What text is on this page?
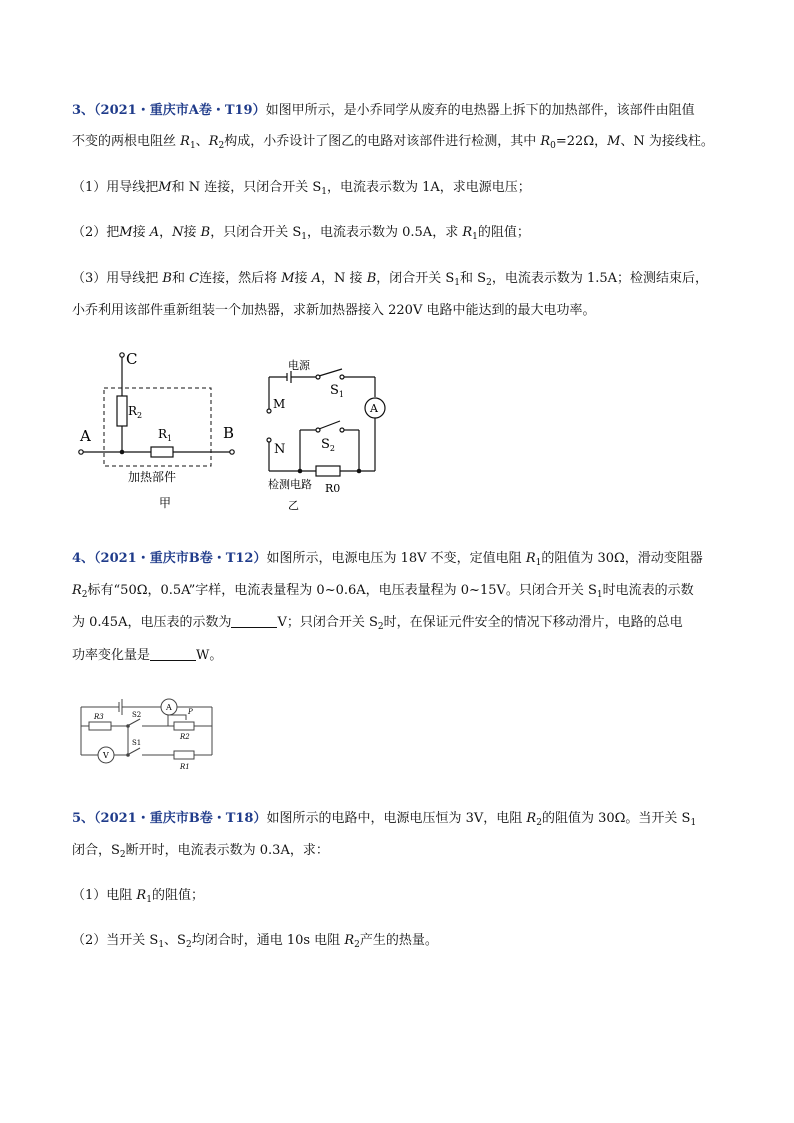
3、（2021・重庆市A卷・T19）如图甲所示，是小乔同学从废弃的电热器上拆下的加热部件，该部件由阻值
不变的两根电阻丝 $R_1$、$R_2$构成，小乔设计了图乙的电路对该部件进行检测，其中 $R_0=22\Omega$，M、N 为接线柱。
（1）用导线把M和 N 连接，只闭合开关 $S_1$，电流表示数为 1A，求电源电压；
（2）把M接 A，N接 B，只闭合开关 $S_1$，电流表示数为 0.5A，求 $R_1$的阻值；
（3）用导线把 B和 C连接，然后将 M接 A，N 接 B，闭合开关 $S_1$和 $S_2$，电流表示数为 1.5A；检测结束后，
小乔利用该部件重新组装一个加热器，求新加热器接入 220V 电路中能达到的最大电功率。
C
$R_2$
A	B
$R_1$
加热部件
甲
电源
$S_1$
M	A
N	$S_2$
检测电路 R0
乙
4、（2021・重庆市B卷・T12）如图所示，电源电压为 18V 不变，定值电阻 $R_1$的阻值为 30Ω，滑动变阻器
$R_2$标有“50Ω，0.5A”字样，电流表量程为 0~0.6A，电压表量程为 0~15V。只闭合开关 $S_1$时电流表的示数
为 0.45A，电压表的示数为	V；只闭合开关 $S_2$时，在保证元件安全的情况下移动滑片，电路的总电
功率变化量是	W。
A
V
R3	S2
S1
P
R2
R1
5、（2021・重庆市B卷・T18）如图所示的电路中，电源电压恒为 3V，电阻 $R_2$的阻值为 30Ω。当开关 $S_1$
闭合，$S_2$断开时，电流表示数为 0.3A，求：
（1）电阻 $R_1$的阻值；
（2）当开关 $S_1$、$S_2$均闭合时，通电 10s 电阻 $R_2$产生的热量。
